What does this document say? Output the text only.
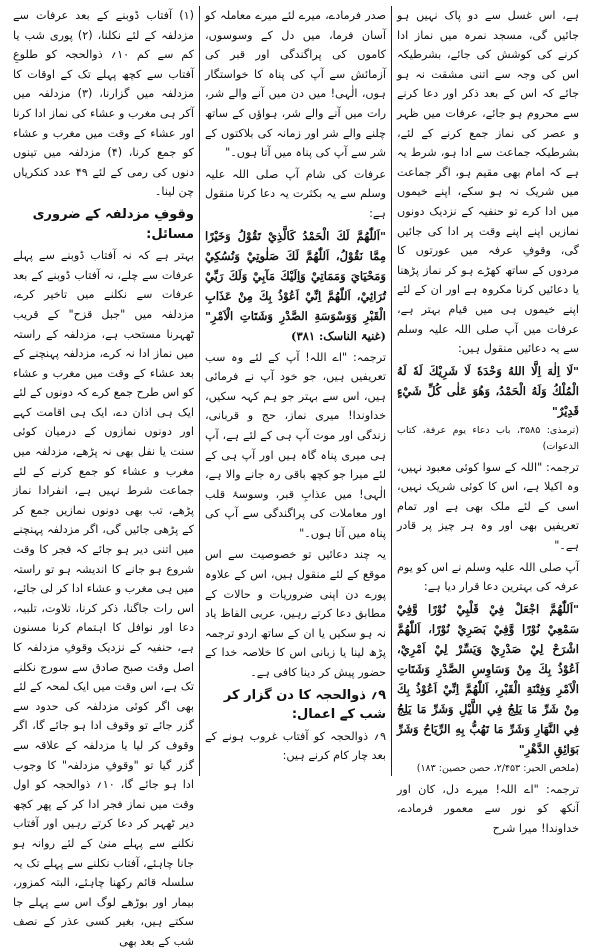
ہے، اس غسل سے دو پاک نہیں ہو جائیں گی، مسجد نمرہ میں نماز ادا کرنے کی کوشش کی جائے، بشرطیکہ اس کی وجہ سے اتنی مشقت نہ ہو جائے کہ اس کے بعد ذکر اور دعا کرنے سے محروم ہو جائے، عرفات میں ظہر و عصر کی نماز جمع کرنے کے لئے، بشرطیکہ جماعت سے ادا ہو، شرط یہ ہے کہ امام بھی مقیم ہو، اگر جماعت میں شریک نہ ہو سکے، اپنے خیموں میں ادا کرے تو حنفیہ کے نزدیک دونوں نمازیں اپنے اپنے وقت پر ادا کی جائیں گی، وقوفِ عرفہ میں عورتوں کا مردوں کے ساتھ کھڑے ہو کر نماز پڑھنا یا دعائیں کرنا مکروہ ہے اور ان کے لئے اپنے خیموں ہی میں قیام بہتر ہے، عرفات میں آپ صلی اللہ علیہ وسلم سے یہ دعائیں منقول ہیں:
"لَا اِلٰهَ اِلَّا اللهُ وَحْدَهٗ لَا شَرِيْكَ لَهٗ لَهُ الْمُلْكُ وَلَهُ الْحَمْدُ، وَهُوَ عَلٰى كُلِّ شَيْءٍ قَدِيْرٌ"
(ترمذی: ۳۵۸۵، باب دعاء یوم عرفة، کتاب الدعوات)
ترجمہ: "اللہ کے سوا کوئی معبود نہیں، وہ اکیلا ہے، اس کا کوئی شریک نہیں، اسی کے لئے ملک بھی ہے اور تمام تعریفیں بھی اور وہ ہر چیز پر قادر ہے۔"
آپ صلی اللہ علیہ وسلم نے اس کو یوم عرفہ کی بہترین دعا قرار دیا ہے:
"اَللّٰهُمَّ اجْعَلْ فِيْ قَلْبِيْ نُوْرًا وَّفِيْ سَمْعِيْ نُوْرًا وَّفِيْ بَصَرِيْ نُوْرًا، اَللّٰهُمَّ اشْرَحْ لِيْ صَدْرِيْ وَيَسِّرْ لِيْ اَمْرِيْ، اَعُوْذُ بِكَ مِنْ وَسَاوِسِ الصَّدْرِ وَشَتَاتِ الْاَمْرِ وَفِتْنَةِ الْقَبْرِ، اَللّٰهُمَّ اِنِّيْ اَعُوْذُ بِكَ مِنْ شَرِّ مَا يَلِجُ فِي اللَّيْلِ وَشَرِّ مَا يَلِجُ فِي النَّهَارِ وَشَرِّ مَا تَهُبُّ بِهِ الرِّيَاحُ وَشَرِّ بَوَائِقِ الدَّهْرِ"
(ملخص الحیر: ۲/۴۵۳، حصن حصین: ۱۸۳)
ترجمہ: "اے اللہ! میرے دل، کان اور آنکھ کو نور سے معمور فرمادے، خداوندا! میرا شرح
صدر فرمادے، میرے لئے میرے معاملہ کو آسان فرما، میں دل کے وسوسوں، کاموں کی پراگندگی اور قبر کی آزمائش سے آپ کی پناہ کا خواستگار ہوں، الٰہی! میں دن میں آنے والے شر، رات میں آنے والے شر، ہواؤں کے ساتھ چلنے والے شر اور زمانہ کی بلاکتوں کے شر سے آپ کی پناہ میں آتا ہوں۔"
عرفات کی شام آپ صلی اللہ علیہ وسلم سے یہ بکثرت یہ دعا کرنا منقول ہے:
"اَللّٰهُمَّ لَكَ الْحَمْدُ كَالَّذِيْ تَقُوْلُ وَخَيْرًا مِمَّا نَقُوْلُ، اَللّٰهُمَّ لَكَ صَلٰوتِيْ وَنُسُكِيْ وَمَحْيَايَ وَمَمَاتِيْ وَاِلَيْكَ مَآبِيْ وَلَكَ رَبِّيْ تُرَاثِيْ، اَللّٰهُمَّ اِنِّيْ اَعُوْذُ بِكَ مِنْ عَذَابِ الْقَبْرِ وَوَسْوَسَةِ الصَّدْرِ وَشَتَاتِ الْاَمْرِ" (غنیۃ الناسک: ۳۸۱)
ترجمہ: "اے اللہ! آپ کے لئے وہ سب تعریفیں ہیں، جو خود آپ نے فرمائی ہیں، اس سے بہتر جو ہم کہہ سکیں، خداوندا! میری نماز، حج و قربانی، زندگی اور موت آپ ہی کے لئے ہے، آپ ہی میری پناہ گاہ ہیں اور آپ ہی کے لئے میرا جو کچھ باقی رہ جانے والا ہے، الٰہی! میں عذابِ قبر، وسوسۂ قلب اور معاملات کی پراگندگی سے آپ کی پناہ میں آتا ہوں۔"
یہ چند دعائیں تو خصوصیت سے اس موقع کے لئے منقول ہیں، اس کے علاوہ پورے دن اپنی ضروریات و حالات کے مطابق دعا کرتے رہیں، عربی الفاظ یاد نہ ہو سکیں یا ان کے ساتھ اردو ترجمہ پڑھ لینا یا زبانی اس کا خلاصہ خدا کے حضور پیش کر دینا کافی ہے۔
۹؍ ذوالحجہ کا دن گزار کر شب کے اعمال:
۹؍ ذوالحجہ کو آفتاب غروب ہونے کے بعد چار کام کرنے ہیں:
(۱) آفتاب ڈوبنے کے بعد عرفات سے مزدلفہ کے لئے نکلنا، (۲) پوری شب یا کم سے کم ۱۰؍ ذوالحجہ کو طلوعِ آفتاب سے کچھ پہلے تک کے اوقات کا مزدلفہ میں گزارنا، (۳) مزدلفہ میں آکر ہی مغرب و عشاء کی نماز ادا کرنا اور عشاء کے وقت میں مغرب و عشاء کو جمع کرنا، (۴) مزدلفہ میں تینوں دنوں کی رمی کے لئے ۴۹ عدد کنکریاں چن لینا۔
وقوفِ مزدلفہ کے ضروری مسائل:
بہتر ہے کہ نہ آفتاب ڈوبنے سے پہلے عرفات سے چلے، نہ آفتاب ڈوبنے کے بعد عرفات سے نکلنے میں تاخیر کرے، مزدلفہ میں "جبل قزح" کے قریب ٹھہرنا مستحب ہے، مزدلفہ کے راستہ میں نماز ادا نہ کرے، مزدلفہ پہنچنے کے بعد عشاء کے وقت میں مغرب و عشاء کو اس طرح جمع کرے کہ دونوں کے لئے ایک ہی اذان دے، ایک ہی اقامت کہے اور دونوں نمازوں کے درمیان کوئی سنت یا نفل بھی نہ پڑھے، مزدلفہ میں مغرب و عشاء کو جمع کرنے کے لئے جماعت شرط نہیں ہے، انفرادا نماز پڑھے، تب بھی دونوں نمازیں جمع کر کے پڑھی جائیں گی، اگر مزدلفہ پہنچنے میں اتنی دیر ہو جائے کہ فجر کا وقت شروع ہو جانے کا اندیشہ ہو تو راستہ میں ہی مغرب و عشاء ادا کر لی جائے، اس رات جاگنا، ذکر کرنا، تلاوت، تلبیہ، دعا اور نوافل کا اہتمام کرنا مسنون ہے، حنفیہ کے نزدیک وقوفِ مزدلفہ کا اصل وقت صبح صادق سے سورج نکلنے تک ہے، اس وقت میں ایک لمحہ کے لئے بھی اگر کوئی مزدلفہ کی حدود سے گزر جائے تو وقوف ادا ہو جائے گا، اگر وقوف کر لیا یا مزدلفہ کے علاقہ سے گزر گیا تو "وقوفِ مزدلفہ" کا وجوب ادا ہو جائے گا، ۱۰؍ ذوالحجہ کو اول وقت میں نماز فجر ادا کر کے پھر کچھ دیر ٹھہر کر دعا کرتے رہیں اور آفتاب نکلنے سے پہلے منیٰ کے لئے روانہ ہو جانا چاہئے، آفتاب نکلنے سے پہلے تک یہ سلسلہ قائم رکھنا چاہئے، البتہ کمزور، بیمار اور بوڑھے لوگ اس سے پہلے جا سکتے ہیں، بغیر کسی عذر کے نصف شب کے بعد بھی
